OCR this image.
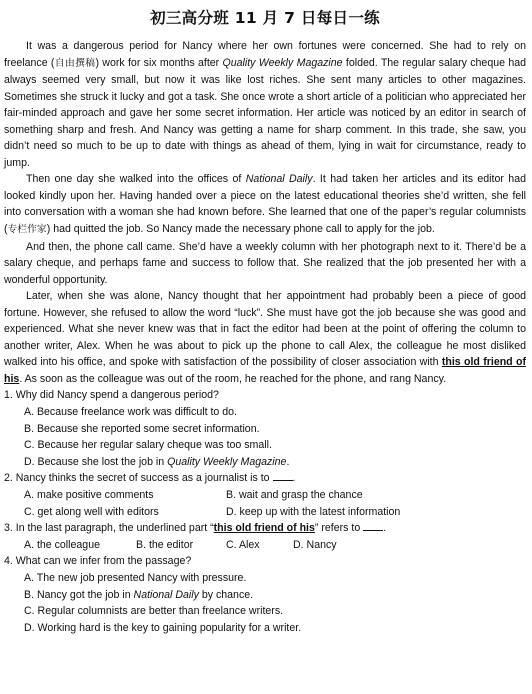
初三高分班 11 月 7 日每日一练

It was a dangerous period for Nancy where her own fortunes were concerned. She had to rely on freelance (自由撰稿) work for six months after Quality Weekly Magazine folded. The regular salary cheque had always seemed very small, but now it was like lost riches. She sent many articles to other magazines. Sometimes she struck it lucky and got a task. She once wrote a short article of a politician who appreciated her fair-minded approach and gave her some secret information. Her article was noticed by an editor in search of something sharp and fresh. And Nancy was getting a name for sharp comment. In this trade, she saw, you didn’t need so much to be up to date with things as ahead of them, lying in wait for circumstance, ready to jump.

Then one day she walked into the offices of National Daily. It had taken her articles and its editor had looked kindly upon her. Having handed over a piece on the latest educational theories she’d written, she fell into conversation with a woman she had known before. She learned that one of the paper’s regular columnists (专栏作家) had quitted the job. So Nancy made the necessary phone call to apply for the job.

And then, the phone call came. She’d have a weekly column with her photograph next to it. There’d be a salary cheque, and perhaps fame and success to follow that. She realized that the job presented her with a wonderful opportunity.

Later, when she was alone, Nancy thought that her appointment had probably been a piece of good fortune. However, she refused to allow the word “luck”. She must have got the job because she was good and experienced. What she never knew was that in fact the editor had been at the point of offering the column to another writer, Alex. When he was about to pick up the phone to call Alex, the colleague he most disliked walked into his office, and spoke with satisfaction of the possibility of closer association with this old friend of his. As soon as the colleague was out of the room, he reached for the phone, and rang Nancy.

1. Why did Nancy spend a dangerous period?

A. Because freelance work was difficult to do.

B. Because she reported some secret information.

C. Because her regular salary cheque was too small.

D. Because she lost the job in Quality Weekly Magazine.

2. Nancy thinks the secret of success as a journalist is to .

A. make positive comments	B. wait and grasp the chance
C. get along well with editors	D. keep up with the latest information

3. In the last paragraph, the underlined part “this old friend of his” refers to .

A. the colleague	B. the editor	C. Alex	D. Nancy

4. What can we infer from the passage?

A. The new job presented Nancy with pressure.

B. Nancy got the job in National Daily by chance.

C. Regular columnists are better than freelance writers.

D. Working hard is the key to gaining popularity for a writer.
